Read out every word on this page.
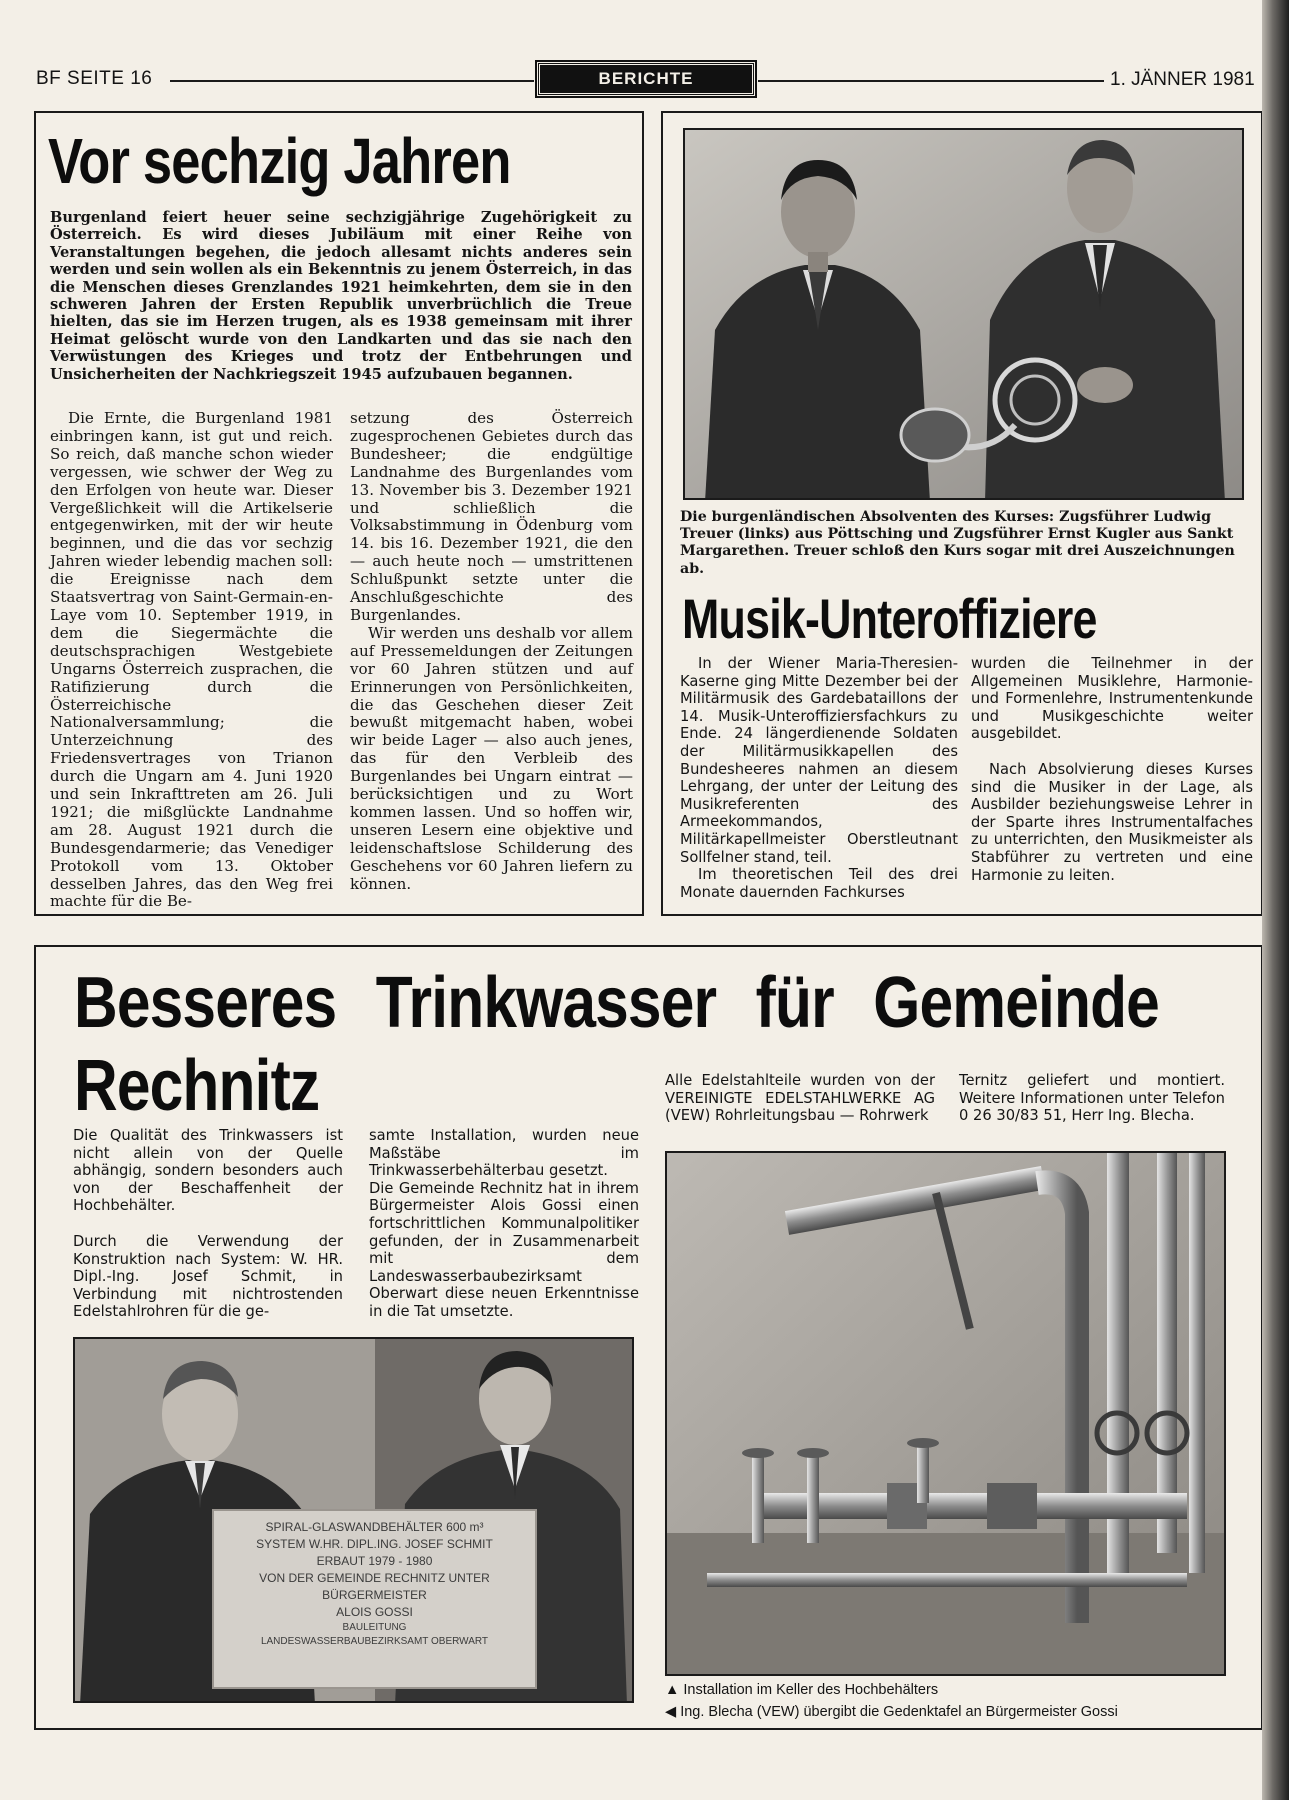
BF SEITE 16	BERICHTE	1. JÄNNER 1981
Vor sechzig Jahren
Burgenland feiert heuer seine sechzigjährige Zugehörigkeit zu Österreich. Es wird dieses Jubiläum mit einer Reihe von Veranstaltungen begehen, die jedoch allesamt nichts anderes sein werden und sein wollen als ein Bekenntnis zu jenem Österreich, in das die Menschen dieses Grenzlandes 1921 heimkehrten, dem sie in den schweren Jahren der Ersten Republik unverbrüchlich die Treue hielten, das sie im Herzen trugen, als es 1938 gemeinsam mit ihrer Heimat gelöscht wurde von den Landkarten und das sie nach den Verwüstungen des Krieges und trotz der Entbehrungen und Unsicherheiten der Nachkriegszeit 1945 aufzubauen begannen.

Die Ernte, die Burgenland 1981 einbringen kann, ist gut und reich. So reich, daß manche schon wieder vergessen, wie schwer der Weg zu den Erfolgen von heute war. Dieser Vergeßlichkeit will die Artikelserie entgegenwirken, mit der wir heute beginnen, und die das vor sechzig Jahren wieder lebendig machen soll: die Ereignisse nach dem Staatsvertrag von Saint-Germain-en-Laye vom 10. September 1919, in dem die Siegermächte die deutschsprachigen Westgebiete Ungarns Österreich zusprachen, die Ratifizierung durch die Österreichische Nationalversammlung; die Unterzeichnung des Friedensvertrages von Trianon durch die Ungarn am 4. Juni 1920 und sein Inkrafttreten am 26. Juli 1921; die mißglückte Landnahme am 28. August 1921 durch die Bundesgendarmerie; das Venediger Protokoll vom 13. Oktober desselben Jahres, das den Weg frei machte für die Be-

setzung des Österreich zugesprochenen Gebietes durch das Bundesheer; die endgültige Landnahme des Burgenlandes vom 13. November bis 3. Dezember 1921 und schließlich die Volksabstimmung in Ödenburg vom 14. bis 16. Dezember 1921, die den — auch heute noch — umstrittenen Schlußpunkt setzte unter die Anschlußgeschichte des Burgenlandes.

Wir werden uns deshalb vor allem auf Pressemeldungen der Zeitungen vor 60 Jahren stützen und auf Erinnerungen von Persönlichkeiten, die das Geschehen dieser Zeit bewußt mitgemacht haben, wobei wir beide Lager — also auch jenes, das für den Verbleib des Burgenlandes bei Ungarn eintrat — berücksichtigen und zu Wort kommen lassen. Und so hoffen wir, unseren Lesern eine objektive und leidenschaftslose Schilderung des Geschehens vor 60 Jahren liefern zu können.

Die burgenländischen Absolventen des Kurses: Zugsführer Ludwig Treuer (links) aus Pöttsching und Zugsführer Ernst Kugler aus Sankt Margarethen. Treuer schloß den Kurs sogar mit drei Auszeichnungen ab.
Musik-Unteroffiziere

In der Wiener Maria-Theresien-Kaserne ging Mitte Dezember bei der Militärmusik des Gardebataillons der 14. Musik-Unteroffiziersfachkurs zu Ende. 24 längerdienende Soldaten der Militärmusikkapellen des Bundesheeres nahmen an diesem Lehrgang, der unter der Leitung des Musikreferenten des Armeekommandos, Militärkapellmeister Oberstleutnant Sollfelner stand, teil.

Im theoretischen Teil des drei Monate dauernden Fachkurses

wurden die Teilnehmer in der Allgemeinen Musiklehre, Harmonie- und Formenlehre, Instrumentenkunde und Musikgeschichte weiter ausgebildet.

Nach Absolvierung dieses Kurses sind die Musiker in der Lage, als Ausbilder beziehungsweise Lehrer in der Sparte ihres Instrumentalfaches zu unterrichten, den Musikmeister als Stabführer zu vertreten und eine Harmonie zu leiten.

Besseres Trinkwasser für Gemeinde
Rechnitz

Die Qualität des Trinkwassers ist nicht allein von der Quelle abhängig, sondern besonders auch von der Beschaffenheit der Hochbehälter.

Durch die Verwendung der Konstruktion nach System: W. HR. Dipl.-Ing. Josef Schmit, in Verbindung mit nichtrostenden Edelstahlrohren für die ge-

samte Installation, wurden neue Maßstäbe im Trinkwasserbehälterbau gesetzt.

Die Gemeinde Rechnitz hat in ihrem Bürgermeister Alois Gossi einen fortschrittlichen Kommunalpolitiker gefunden, der in Zusammenarbeit mit dem Landeswasserbaubezirksamt Oberwart diese neuen Erkenntnisse in die Tat umsetzte.

Alle Edelstahlteile wurden von der VEREINIGTE EDELSTAHLWERKE AG (VEW) Rohrleitungsbau — Rohrwerk

Ternitz geliefert und montiert. Weitere Informationen unter Telefon 0 26 30/83 51, Herr Ing. Blecha.

SPIRAL-GLASWANDBEHÄLTER 600 m³
SYSTEM W.HR. DIPL.ING. JOSEF SCHMIT
ERBAUT 1979 - 1980
VON DER GEMEINDE RECHNITZ UNTER
BÜRGERMEISTER
ALOIS GOSSI
BAULEITUNG
LANDESWASSERBAUBEZIRKSAMT OBERWART
▲ Installation im Keller des Hochbehälters
◀ Ing. Blecha (VEW) übergibt die Gedenktafel an Bürgermeister Gossi
